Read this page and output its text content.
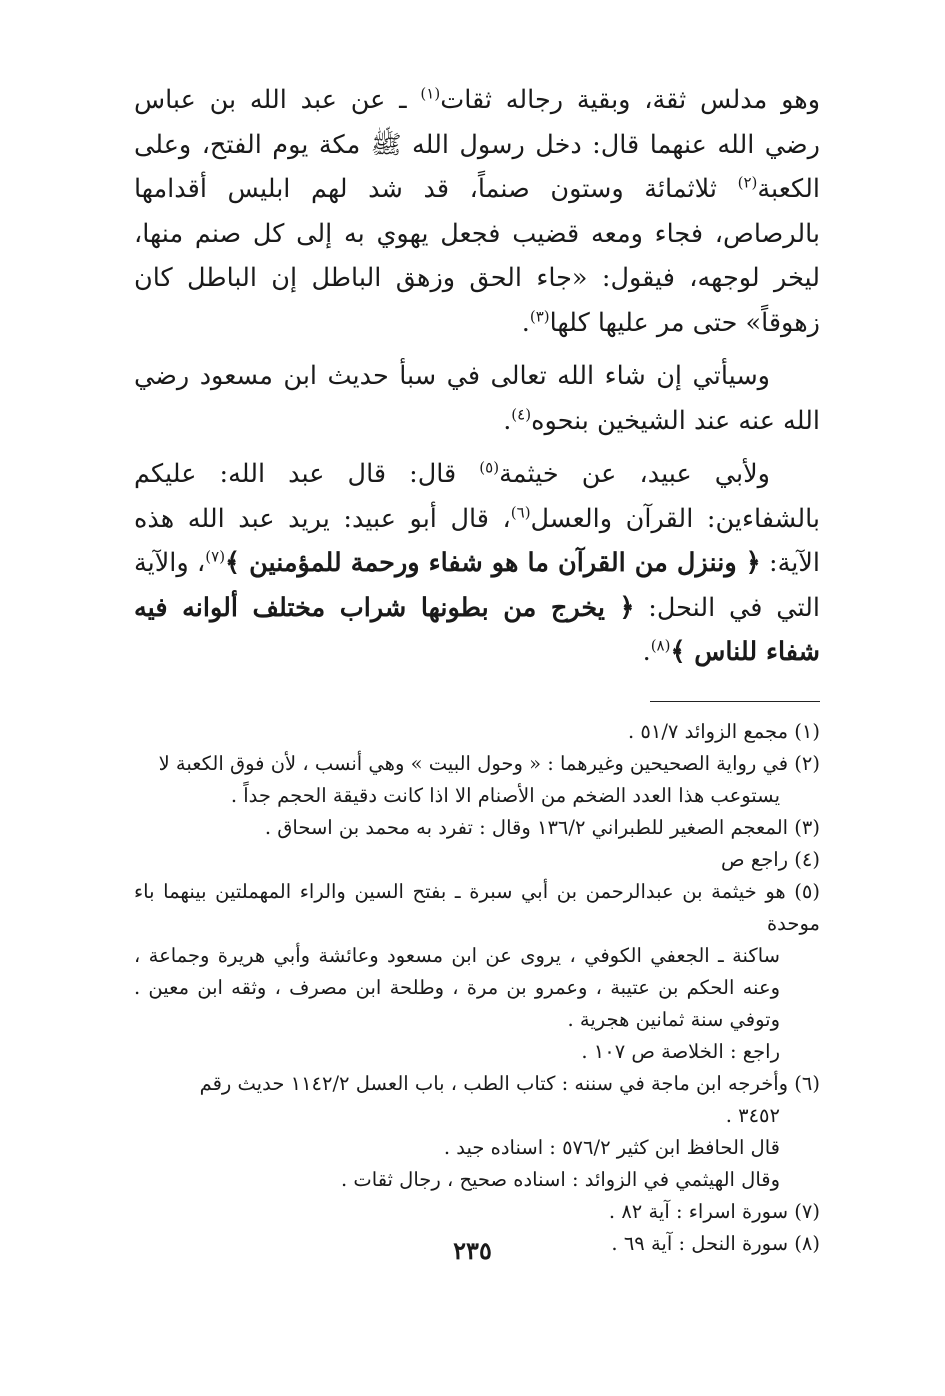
وهو مدلس ثقة، وبقية رجاله ثقات$^{(١)}$ ـ عن عبد الله بن عباس رضي الله عنهما قال: دخل رسول الله ﷺ مكة يوم الفتح، وعلى الكعبة$^{(٢)}$ ثلاثمائة وستون صنماً، قد شد لهم ابليس أقدامها بالرصاص، فجاء ومعه قضيب فجعل يهوي به إلى كل صنم منها، ليخر لوجهه، فيقول: «جاء الحق وزهق الباطل إن الباطل كان زهوقاً» حتى مر عليها كلها$^{(٣)}$.

وسيأتي إن شاء الله تعالى في سبأ حديث ابن مسعود رضي الله عنه عند الشيخين بنحوه$^{(٤)}$.

ولأبي عبيد، عن خيثمة$^{(٥)}$ قال: قال عبد الله: عليكم بالشفاءين: القرآن والعسل$^{(٦)}$، قال أبو عبيد: يريد عبد الله هذه الآية: ﴿ وننزل من القرآن ما هو شفاء ورحمة للمؤمنين ﴾$^{(٧)}$، والآية التي في النحل: ﴿ يخرج من بطونها شراب مختلف ألوانه فيه شفاء للناس ﴾$^{(٨)}$.

(١) مجمع الزوائد ٥١/٧ .

(٢) في رواية الصحيحين وغيرهما : « وحول البيت » وهي أنسب ، لأن فوق الكعبة لا
يستوعب هذا العدد الضخم من الأصنام الا اذا كانت دقيقة الحجم جداً .

(٣) المعجم الصغير للطبراني ١٣٦/٢ وقال : تفرد به محمد بن اسحاق .

(٤) راجع ص

(٥) هو خيثمة بن عبدالرحمن بن أبي سبرة ـ بفتح السين والراء المهملتين بينهما باء موحدة
ساكنة ـ الجعفي الكوفي ، يروى عن ابن مسعود وعائشة وأبي هريرة وجماعة ، وعنه الحكم بن عتيبة ، وعمرو بن مرة ، وطلحة ابن مصرف ، وثقه ابن معين . وتوفي سنة ثمانين هجرية .

راجع : الخلاصة ص ١٠٧ .

(٦) وأخرجه ابن ماجة في سننه : كتاب الطب ، باب العسل ١١٤٢/٢ حديث رقم
٣٤٥٢ .

قال الحافظ ابن كثير ٥٧٦/٢ : اسناده جيد .

وقال الهيثمي في الزوائد : اسناده صحيح ، رجال ثقات .

(٧) سورة اسراء : آية ٨٢ .

(٨) سورة النحل : آية ٦٩ .

٢٣٥
